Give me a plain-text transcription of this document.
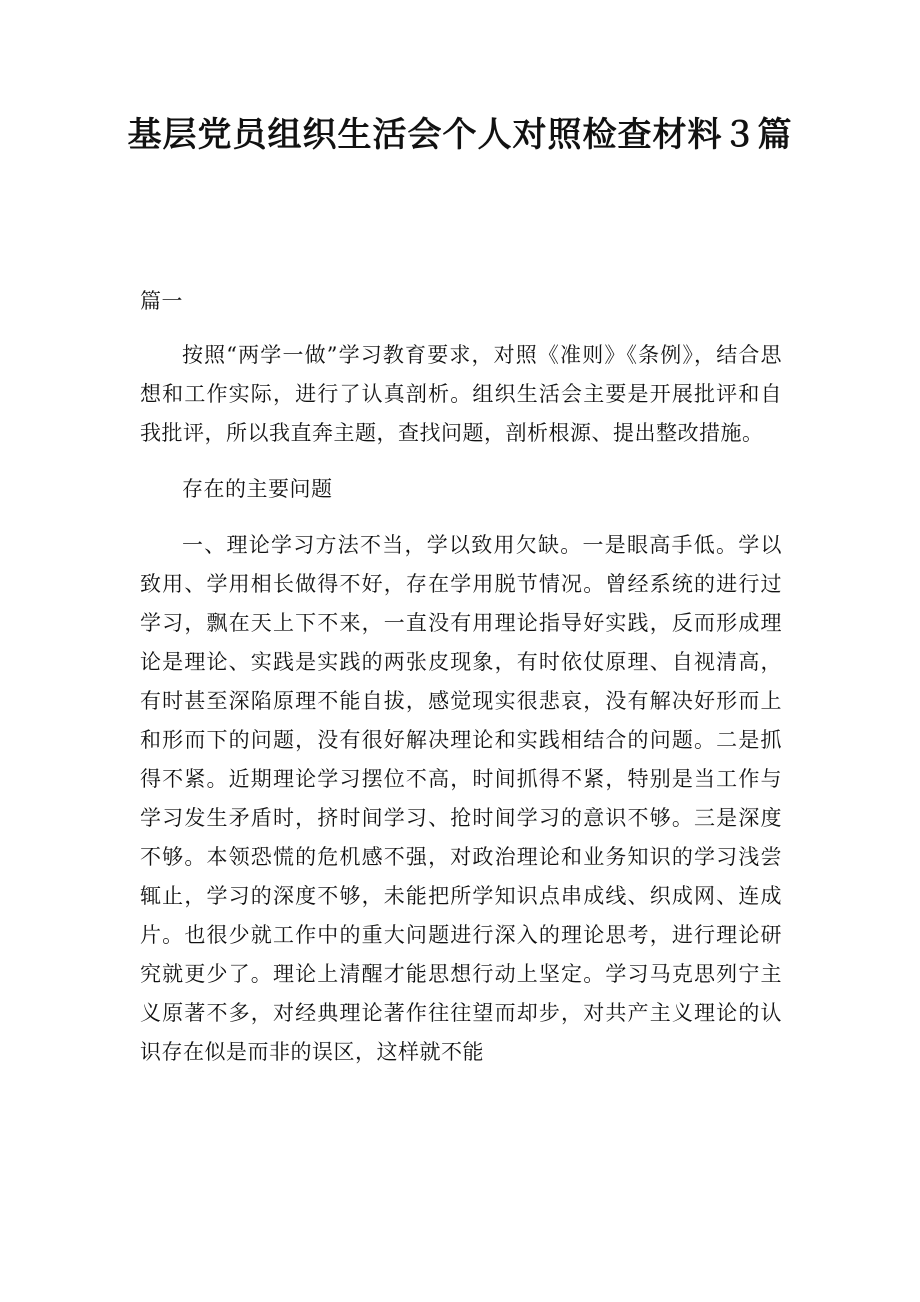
基层党员组织生活会个人对照检查材料３篇

篇一

按照“两学一做”学习教育要求，对照《准则》《条例》，结合思想和工作实际，进行了认真剖析。组织生活会主要是开展批评和自我批评，所以我直奔主题，查找问题，剖析根源、提出整改措施。

存在的主要问题

一、理论学习方法不当，学以致用欠缺。一是眼高手低。学以致用、学用相长做得不好，存在学用脱节情况。曾经系统的进行过学习，飘在天上下不来，一直没有用理论指导好实践，反而形成理论是理论、实践是实践的两张皮现象，有时依仗原理、自视清高，有时甚至深陷原理不能自拔，感觉现实很悲哀，没有解决好形而上和形而下的问题，没有很好解决理论和实践相结合的问题。二是抓得不紧。近期理论学习摆位不高，时间抓得不紧，特别是当工作与学习发生矛盾时，挤时间学习、抢时间学习的意识不够。三是深度不够。本领恐慌的危机感不强，对政治理论和业务知识的学习浅尝辄止，学习的深度不够，未能把所学知识点串成线、织成网、连成片。也很少就工作中的重大问题进行深入的理论思考，进行理论研究就更少了。理论上清醒才能思想行动上坚定。学习马克思列宁主义原著不多，对经典理论著作往往望而却步，对共产主义理论的认识存在似是而非的误区，这样就不能
